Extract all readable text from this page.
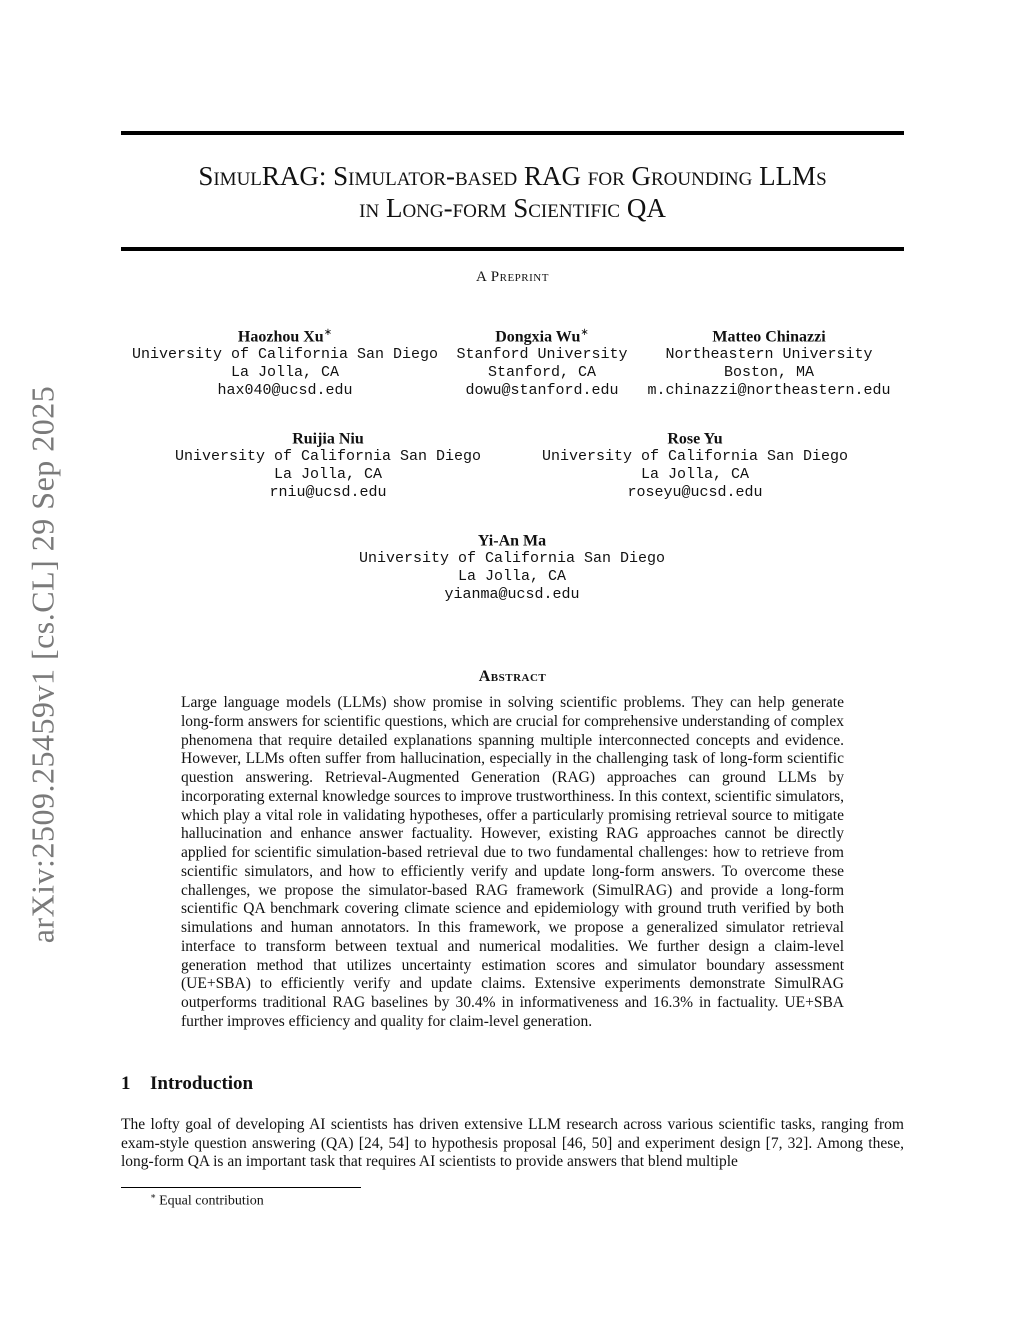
arXiv:2509.25459v1 [cs.CL] 29 Sep 2025
SimulRAG: Simulator-based RAG for Grounding LLMs
in Long-form Scientific QA
A Preprint
Haozhou Xu∗
University of California San Diego
La Jolla, CA
hax040@ucsd.edu
Dongxia Wu∗
Stanford University
Stanford, CA
dowu@stanford.edu
Matteo Chinazzi
Northeastern University
Boston, MA
m.chinazzi@northeastern.edu
Ruijia Niu
University of California San Diego
La Jolla, CA
rniu@ucsd.edu
Rose Yu
University of California San Diego
La Jolla, CA
roseyu@ucsd.edu
Yi-An Ma
University of California San Diego
La Jolla, CA
yianma@ucsd.edu
Abstract
Large language models (LLMs) show promise in solving scientific problems. They can help generate long-form answers for scientific questions, which are crucial for comprehensive understanding of complex phenomena that require detailed explanations spanning multiple interconnected concepts and evidence. However, LLMs often suffer from hallucination, especially in the challenging task of long-form scientific question answering. Retrieval-Augmented Generation (RAG) approaches can ground LLMs by incorporating external knowledge sources to improve trustworthiness. In this context, scientific simulators, which play a vital role in validating hypotheses, offer a particularly promising retrieval source to mitigate hallucination and enhance answer factuality. However, existing RAG approaches cannot be directly applied for scientific simulation-based retrieval due to two fundamental challenges: how to retrieve from scientific simulators, and how to efficiently verify and update long-form answers. To overcome these challenges, we propose the simulator-based RAG framework (SimulRAG) and provide a long-form scientific QA benchmark covering climate science and epidemiology with ground truth verified by both simulations and human annotators. In this framework, we propose a generalized simulator retrieval interface to transform between textual and numerical modalities. We further design a claim-level generation method that utilizes uncertainty estimation scores and simulator boundary assessment (UE+SBA) to efficiently verify and update claims. Extensive experiments demonstrate SimulRAG outperforms traditional RAG baselines by 30.4% in informativeness and 16.3% in factuality. UE+SBA further improves efficiency and quality for claim-level generation.
1 Introduction
The lofty goal of developing AI scientists has driven extensive LLM research across various scientific tasks, ranging from exam-style question answering (QA) [24, 54] to hypothesis proposal [46, 50] and experiment design [7, 32]. Among these, long-form QA is an important task that requires AI scientists to provide answers that blend multiple
∗ Equal contribution
